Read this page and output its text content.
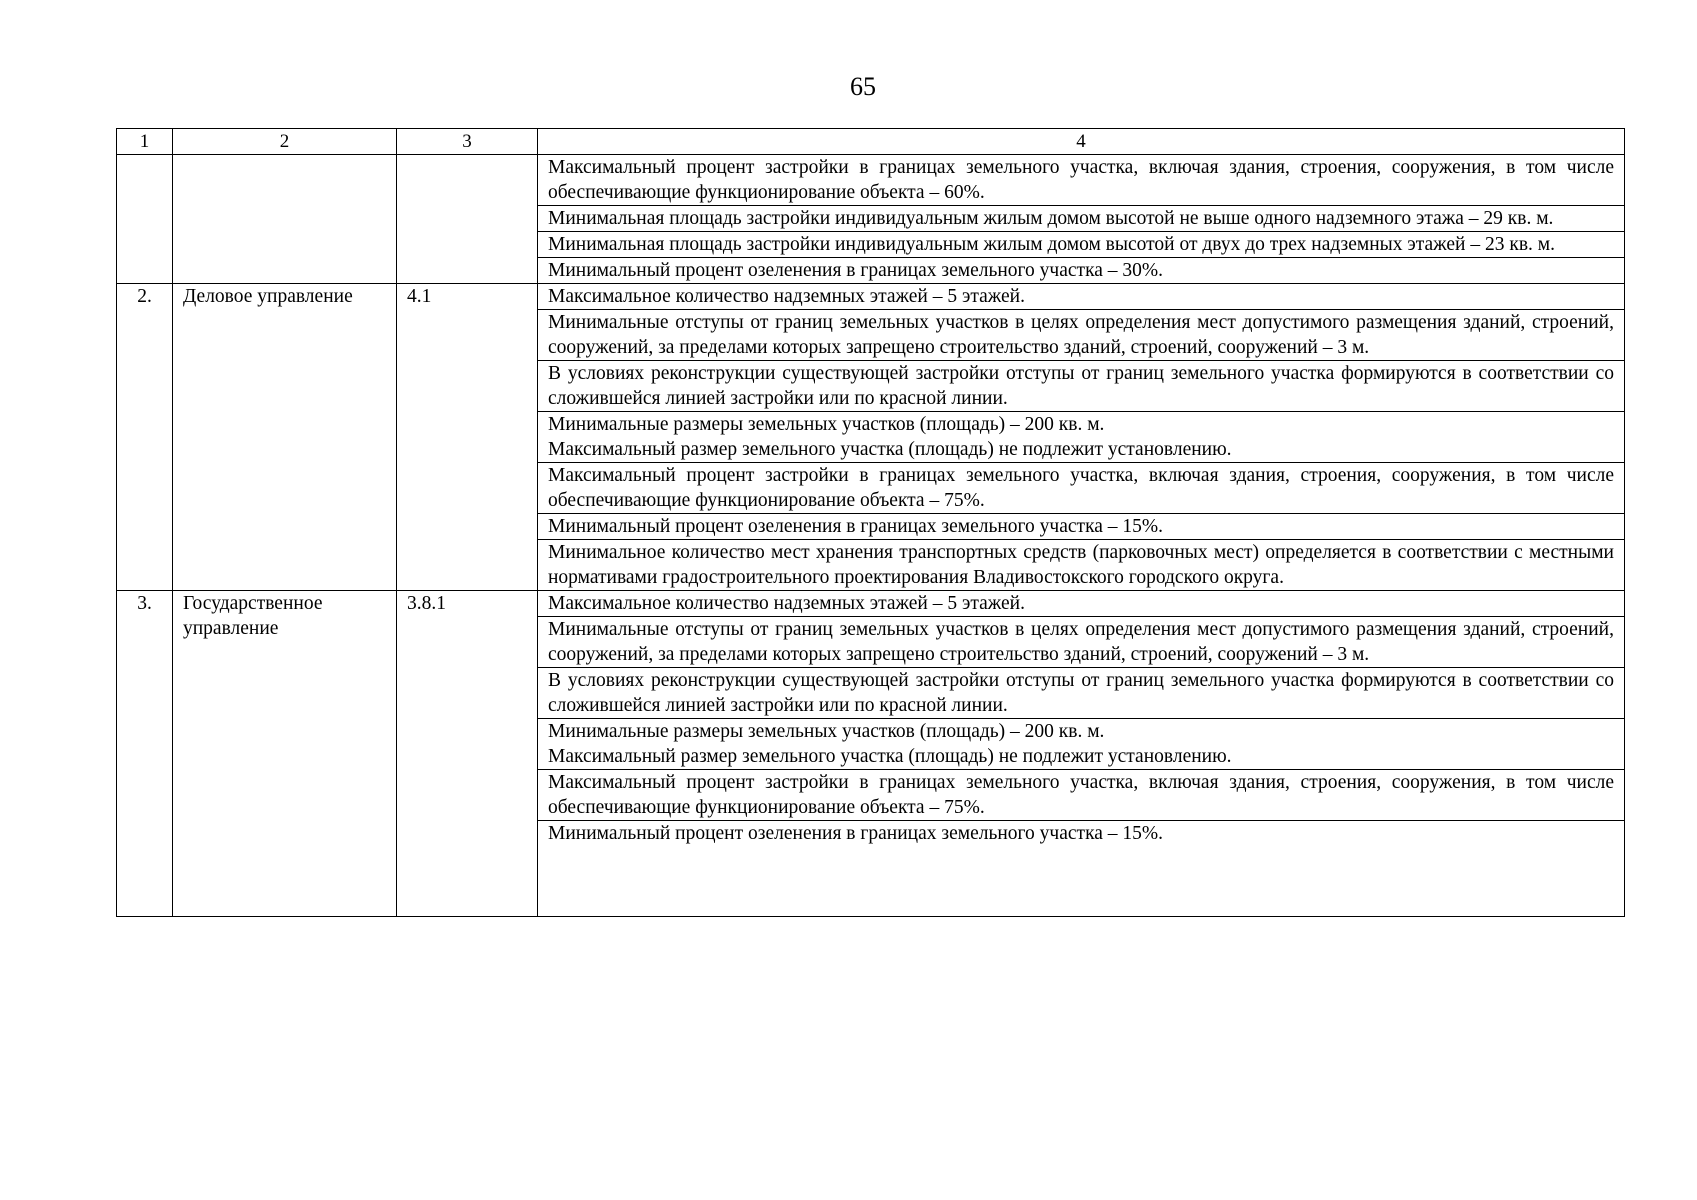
65
1	2	3	4

			Максимальный процент застройки в границах земельного участка, включая здания, строения, сооружения, в том числе обеспечивающие функционирование объекта – 60%.

			Минимальная площадь застройки индивидуальным жилым домом высотой не выше одного надземного этажа – 29 кв. м.

			Минимальная площадь застройки индивидуальным жилым домом высотой от двух до трех надземных этажей – 23 кв. м.

			Минимальный процент озеленения в границах земельного участка – 30%.

2.	Деловое управление	4.1	Максимальное количество надземных этажей – 5 этажей.

			Минимальные отступы от границ земельных участков в целях определения мест допустимого размещения зданий, строений, сооружений, за пределами которых запрещено строительство зданий, строений, сооружений – 3 м.

			В условиях реконструкции существующей застройки отступы от границ земельного участка формируются в соответствии со сложившейся линией застройки или по красной линии.

			Минимальные размеры земельных участков (площадь) – 200 кв. м.
Максимальный размер земельного участка (площадь) не подлежит установлению.

			Максимальный процент застройки в границах земельного участка, включая здания, строения, сооружения, в том числе обеспечивающие функционирование объекта – 75%.

			Минимальный процент озеленения в границах земельного участка – 15%.

			Минимальное количество мест хранения транспортных средств (парковочных мест) определяется в соответствии с местными нормативами градостроительного проектирования Владивостокского городского округа.

3.	Государственное управление	3.8.1	Максимальное количество надземных этажей – 5 этажей.

			Минимальные отступы от границ земельных участков в целях определения мест допустимого размещения зданий, строений, сооружений, за пределами которых запрещено строительство зданий, строений, сооружений – 3 м.

			В условиях реконструкции существующей застройки отступы от границ земельного участка формируются в соответствии со сложившейся линией застройки или по красной линии.

			Минимальные размеры земельных участков (площадь) – 200 кв. м.
Максимальный размер земельного участка (площадь) не подлежит установлению.

			Максимальный процент застройки в границах земельного участка, включая здания, строения, сооружения, в том числе обеспечивающие функционирование объекта – 75%.

			Минимальный процент озеленения в границах земельного участка – 15%.
